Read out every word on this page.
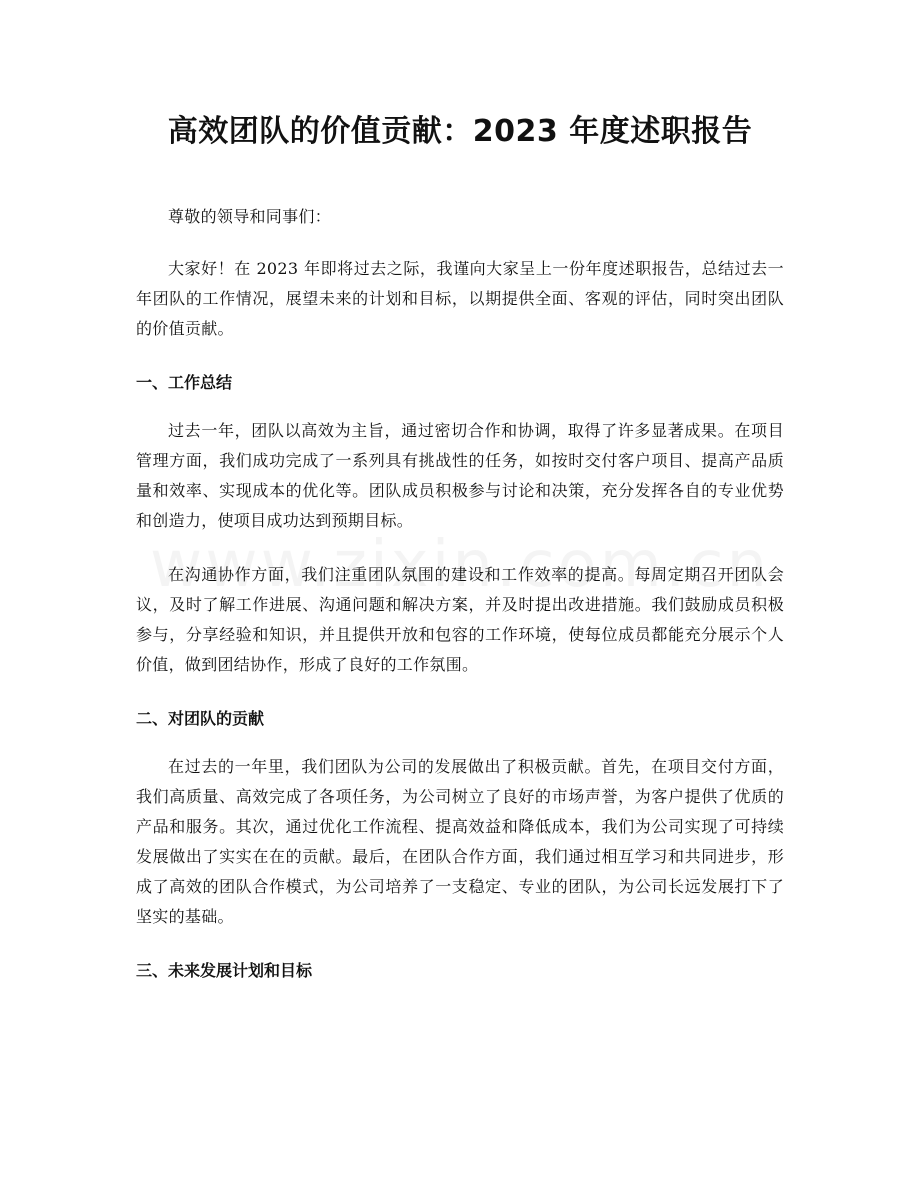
高效团队的价值贡献：2023 年度述职报告

尊敬的领导和同事们：

大家好！在 2023 年即将过去之际，我谨向大家呈上一份年度述职报告，总结过去一年团队的工作情况，展望未来的计划和目标，以期提供全面、客观的评估，同时突出团队的价值贡献。

一、工作总结

过去一年，团队以高效为主旨，通过密切合作和协调，取得了许多显著成果。在项目管理方面，我们成功完成了一系列具有挑战性的任务，如按时交付客户项目、提高产品质量和效率、实现成本的优化等。团队成员积极参与讨论和决策，充分发挥各自的专业优势和创造力，使项目成功达到预期目标。

在沟通协作方面，我们注重团队氛围的建设和工作效率的提高。每周定期召开团队会议，及时了解工作进展、沟通问题和解决方案，并及时提出改进措施。我们鼓励成员积极参与，分享经验和知识，并且提供开放和包容的工作环境，使每位成员都能充分展示个人价值，做到团结协作，形成了良好的工作氛围。

二、对团队的贡献

在过去的一年里，我们团队为公司的发展做出了积极贡献。首先，在项目交付方面，我们高质量、高效完成了各项任务，为公司树立了良好的市场声誉，为客户提供了优质的产品和服务。其次，通过优化工作流程、提高效益和降低成本，我们为公司实现了可持续发展做出了实实在在的贡献。最后，在团队合作方面，我们通过相互学习和共同进步，形成了高效的团队合作模式，为公司培养了一支稳定、专业的团队，为公司长远发展打下了坚实的基础。

三、未来发展计划和目标
